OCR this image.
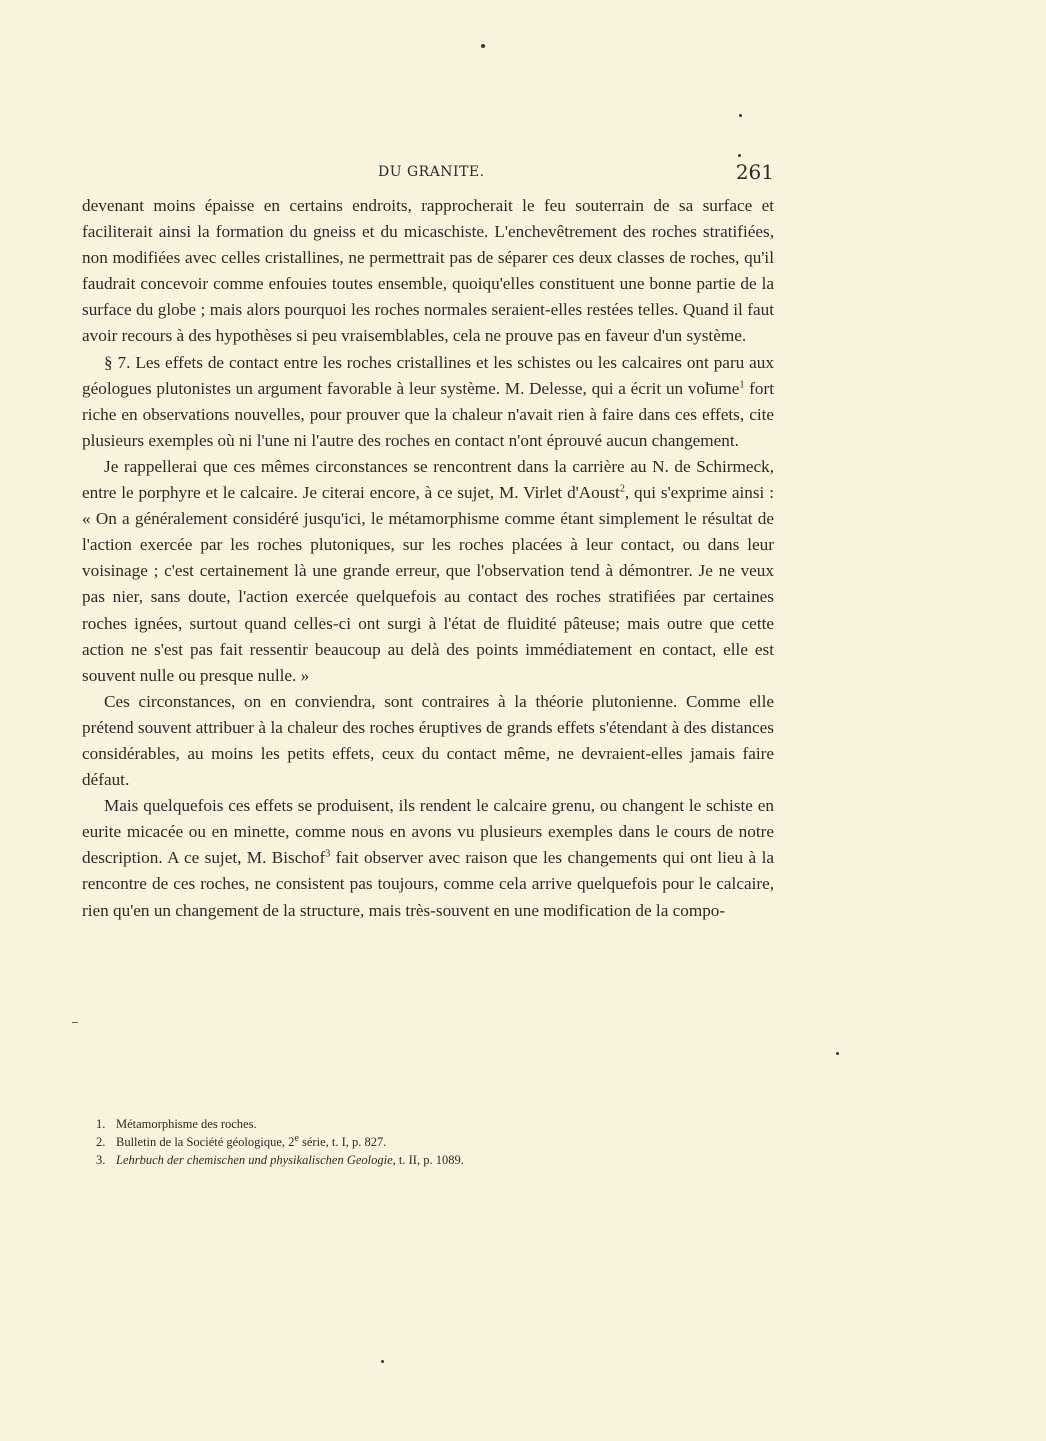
DU GRANITE.	261

devenant moins épaisse en certains endroits, rapprocherait le feu souterrain de sa surface et faciliterait ainsi la formation du gneiss et du micaschiste. L'enchevêtrement des roches stratifiées, non modifiées avec celles cristallines, ne permettrait pas de séparer ces deux classes de roches, qu'il faudrait concevoir comme enfouies toutes ensemble, quoiqu'elles constituent une bonne partie de la surface du globe ; mais alors pourquoi les roches normales seraient-elles restées telles. Quand il faut avoir recours à des hypothèses si peu vraisemblables, cela ne prouve pas en faveur d'un système.

§ 7. Les effets de contact entre les roches cristallines et les schistes ou les calcaires ont paru aux géologues plutonistes un argument favorable à leur système. M. Delesse, qui a écrit un volume$^1$ fort riche en observations nouvelles, pour prouver que la chaleur n'avait rien à faire dans ces effets, cite plusieurs exemples où ni l'une ni l'autre des roches en contact n'ont éprouvé aucun changement.

Je rappellerai que ces mêmes circonstances se rencontrent dans la carrière au N. de Schirmeck, entre le porphyre et le calcaire. Je citerai encore, à ce sujet, M. Virlet d'Aoust$^2$, qui s'exprime ainsi : « On a généralement considéré jusqu'ici, le métamorphisme comme étant simplement le résultat de l'action exercée par les roches plutoniques, sur les roches placées à leur contact, ou dans leur voisinage ; c'est certainement là une grande erreur, que l'observation tend à démontrer. Je ne veux pas nier, sans doute, l'action exercée quelquefois au contact des roches stratifiées par certaines roches ignées, surtout quand celles-ci ont surgi à l'état de fluidité pâteuse; mais outre que cette action ne s'est pas fait ressentir beaucoup au delà des points immédiatement en contact, elle est souvent nulle ou presque nulle. »

Ces circonstances, on en conviendra, sont contraires à la théorie plutonienne. Comme elle prétend souvent attribuer à la chaleur des roches éruptives de grands effets s'étendant à des distances considérables, au moins les petits effets, ceux du contact même, ne devraient-elles jamais faire défaut.

Mais quelquefois ces effets se produisent, ils rendent le calcaire grenu, ou changent le schiste en eurite micacée ou en minette, comme nous en avons vu plusieurs exemples dans le cours de notre description. A ce sujet, M. Bischof$^3$ fait observer avec raison que les changements qui ont lieu à la rencontre de ces roches, ne consistent pas toujours, comme cela arrive quelquefois pour le calcaire, rien qu'en un changement de la structure, mais très-souvent en une modification de la compo-

1. Métamorphisme des roches.

2. Bulletin de la Société géologique, 2e série, t. I, p. 827.

3. Lehrbuch der chemischen und physikalischen Geologie, t. II, p. 1089.
